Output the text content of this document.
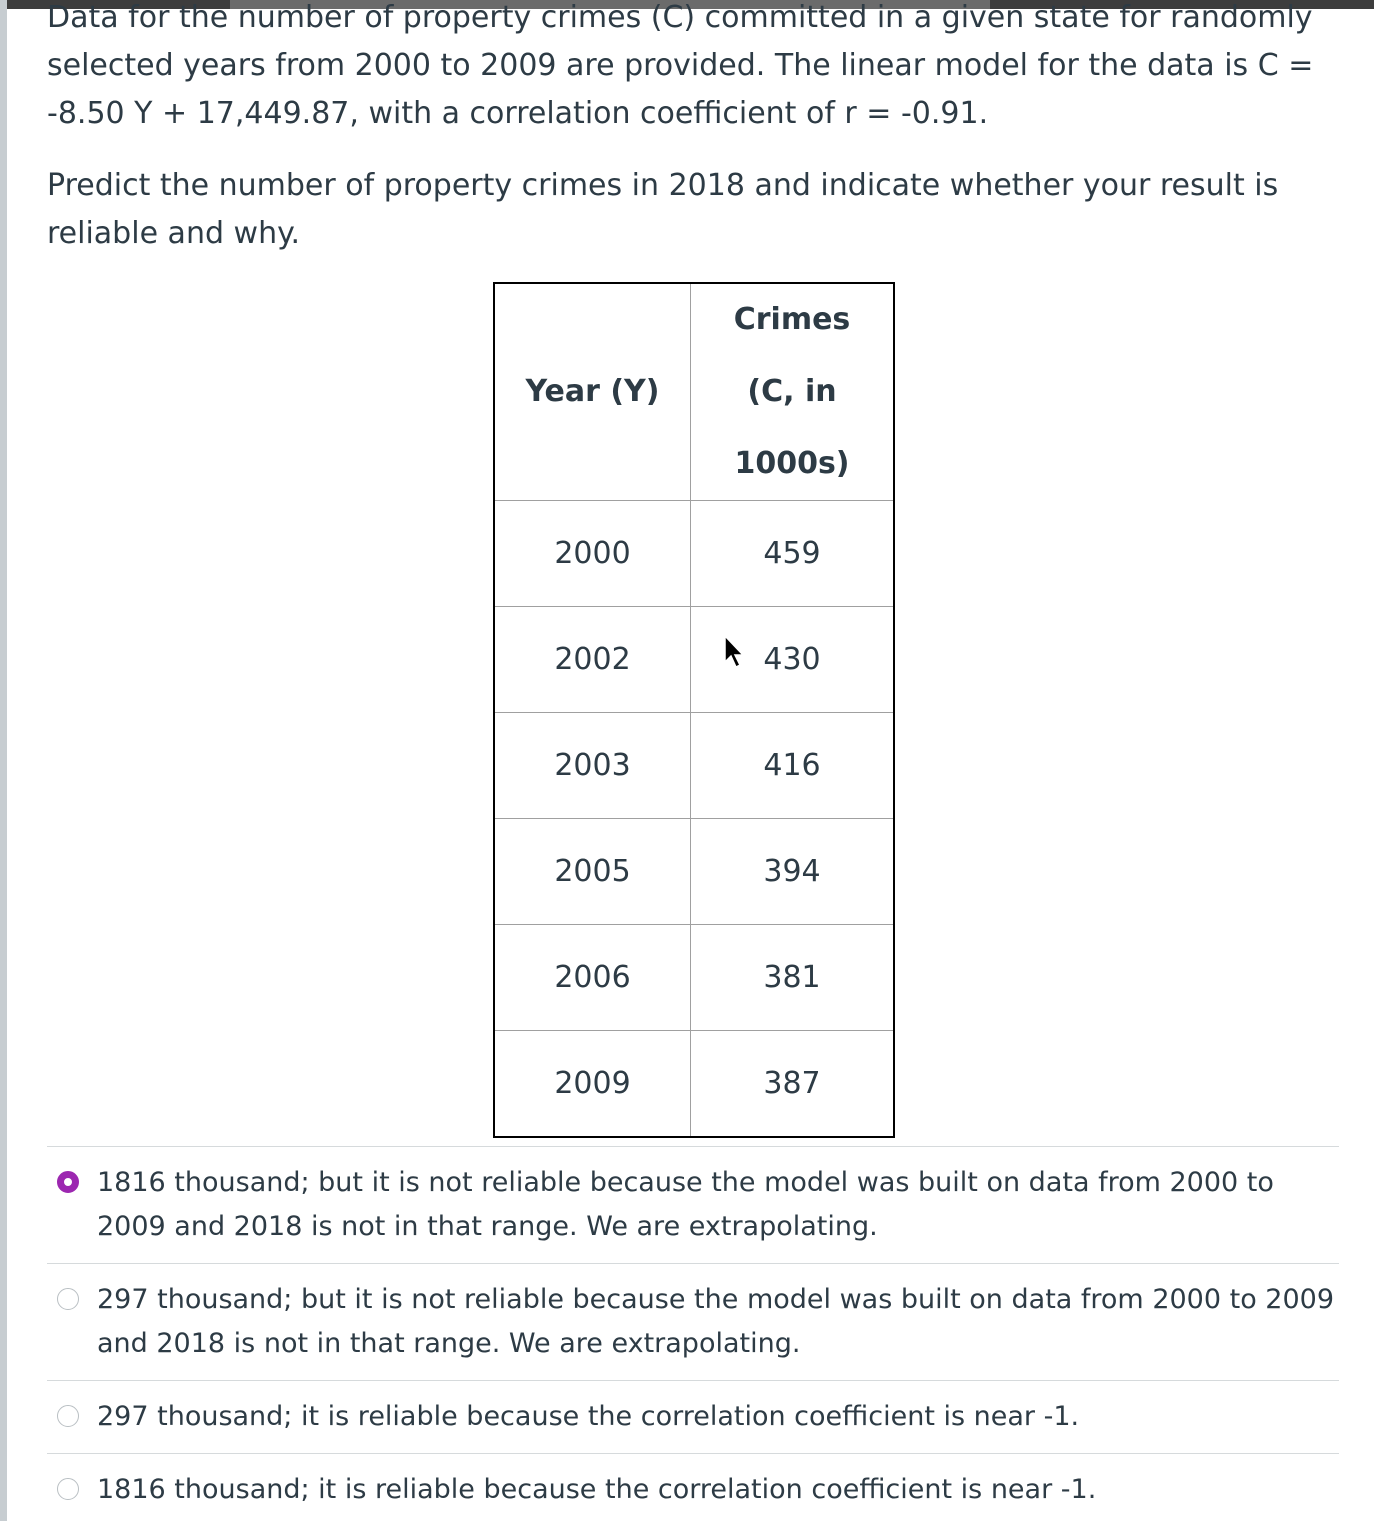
Data for the number of property crimes (C) committed in a given state for randomly selected years from 2000 to 2009 are provided. The linear model for the data is C = -8.50 Y + 17,449.87, with a correlation coefficient of r = -0.91.

Predict the number of property crimes in 2018 and indicate whether your result is reliable and why.

Year (Y)	Crimes
(C, in 1000s)
2000	459
2002	430
2003	416
2005	394
2006	381
2009	387
1816 thousand; but it is not reliable because the model was built on data from 2000 to 2009 and 2018 is not in that range. We are extrapolating.
297 thousand; but it is not reliable because the model was built on data from 2000 to 2009 and 2018 is not in that range. We are extrapolating.
297 thousand; it is reliable because the correlation coefficient is near -1.
1816 thousand; it is reliable because the correlation coefficient is near -1.
